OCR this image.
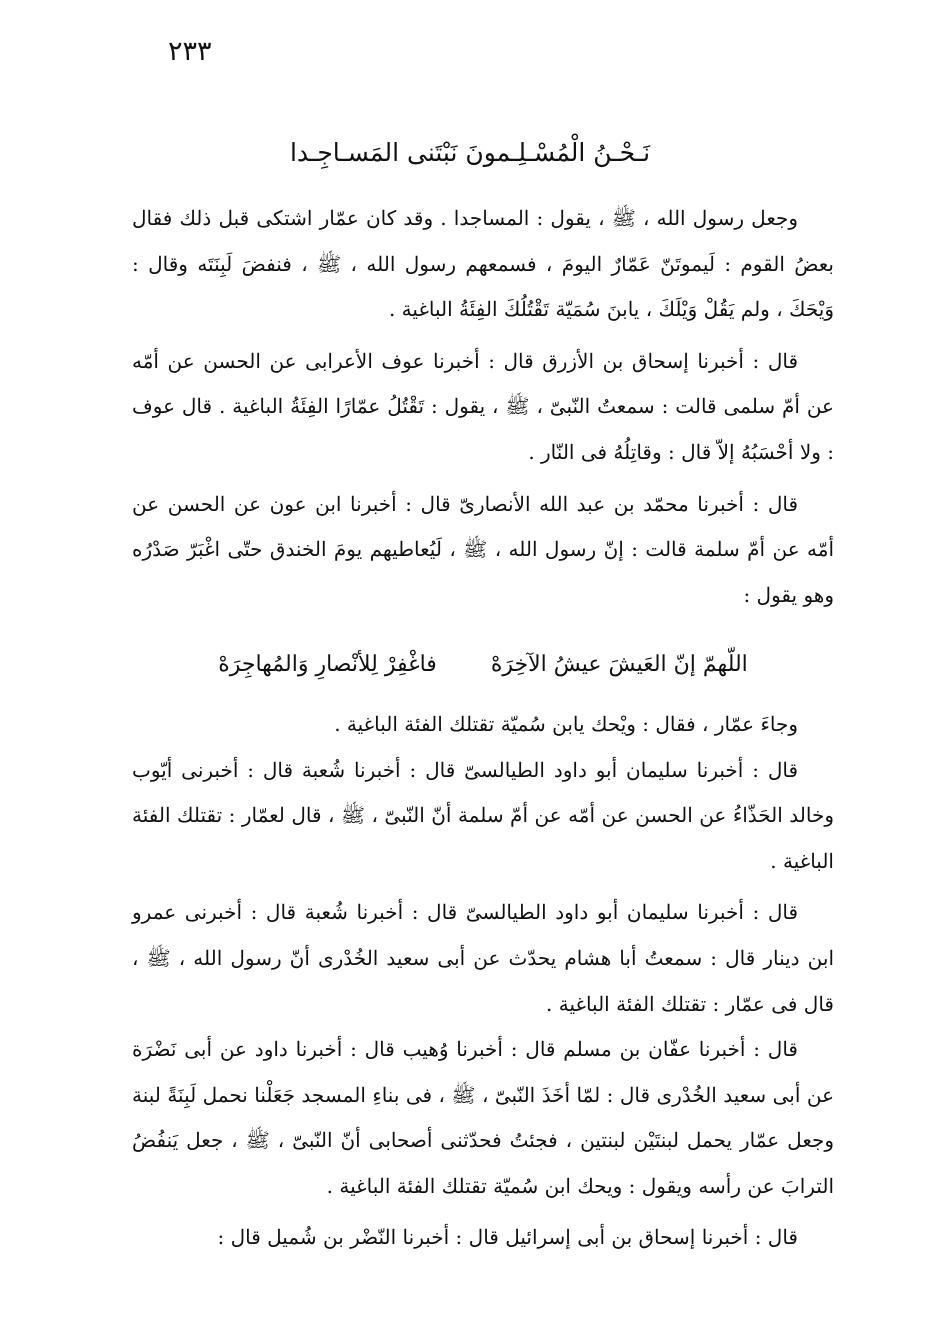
٢٣٣
نَـحْـنُ الْمُسْـلِـمونَ نَبْتَنى المَسـاجِـدا

وجعل رسول الله ، ﷺ ، يقول : المساجدا . وقد كان عمّار اشتكى قبل ذلك فقال بعضُ القوم : لَيموتَنّ عَمّارٌ اليومَ ، فسمعهم رسول الله ، ﷺ ، فنفضَ لَبِنَتَه وقال : وَيْحَكَ ، ولم يَقُلْ وَيْلَكَ ، يابنَ سُمَيّة تَقْتُلُكَ الفِئَةُ الباغية .

قال : أخبرنا إسحاق بن الأزرق قال : أخبرنا عوف الأعرابى عن الحسن عن أمّه عن أمّ سلمى قالت : سمعتُ النّبىّ ، ﷺ ، يقول : تَقْتُلُ عمّارًا الفِئَةُ الباغية . قال عوف : ولا أحْسَبُهُ إلاّ قال : وقاتِلُهُ فى النّار .

قال : أخبرنا محمّد بن عبد الله الأنصارىّ قال : أخبرنا ابن عون عن الحسن عن أمّه عن أمّ سلمة قالت : إنّ رسول الله ، ﷺ ، لَيُعاطيهم يومَ الخندق حتّى اغْبَرّ صَدْرُه وهو يقول :

اللّهمّ إنّ العَيشَ عيشُ الآخِرَهْ
فاغْفِرْ لِلأنْصارِ وَالمُهاجِرَهْ

وجاءَ عمّار ، فقال : ويْحك يابن سُميّة تقتلك الفئة الباغية .

قال : أخبرنا سليمان أبو داود الطيالسىّ قال : أخبرنا شُعبة قال : أخبرنى أيّوب وخالد الحَذّاءُ عن الحسن عن أمّه عن أمّ سلمة أنّ النّبىّ ، ﷺ ، قال لعمّار : تقتلك الفئة الباغية .

قال : أخبرنا سليمان أبو داود الطيالسىّ قال : أخبرنا شُعبة قال : أخبرنى عمرو ابن دينار قال : سمعتُ أبا هشام يحدّث عن أبى سعيد الخُدْرى أنّ رسول الله ، ﷺ ، قال فى عمّار : تقتلك الفئة الباغية .

قال : أخبرنا عفّان بن مسلم قال : أخبرنا وُهيب قال : أخبرنا داود عن أبى نَضْرَة عن أبى سعيد الخُدْرى قال : لمّا أخَذَ النّبىّ ، ﷺ ، فى بناءِ المسجد جَعَلْنا نحمل لَبِنَةً لبنة وجعل عمّار يحمل لبنتَيْن لبنتين ، فجئتُ فحدّثنى أصحابى أنّ النّبىّ ، ﷺ ، جعل يَنفُضُ الترابَ عن رأسه ويقول : ويحك ابن سُميّة تقتلك الفئة الباغية .

قال : أخبرنا إسحاق بن أبى إسرائيل قال : أخبرنا النّضْر بن شُميل قال :
